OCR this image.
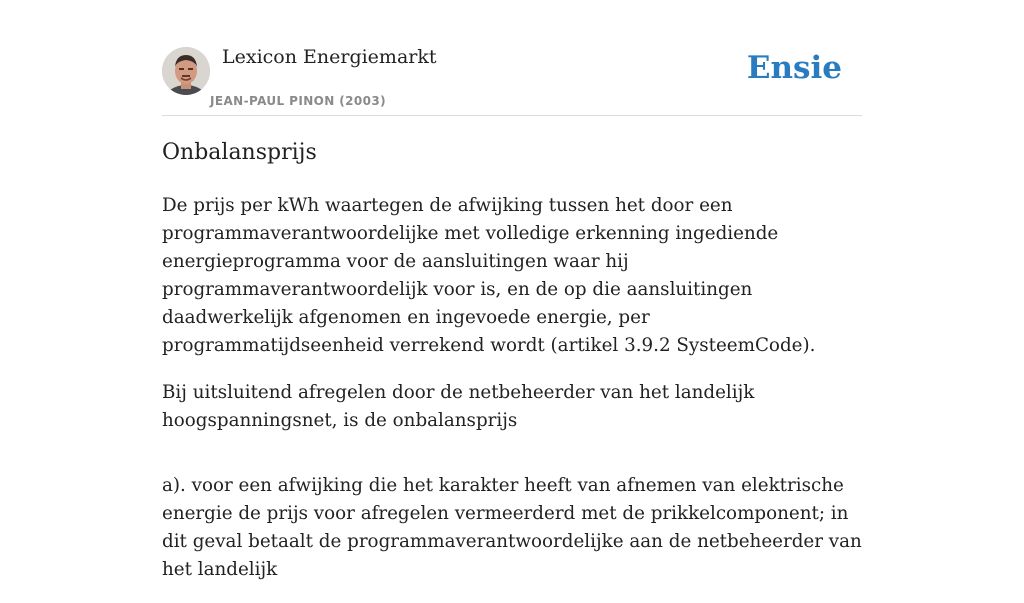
Lexicon Energiemarkt
JEAN-PAUL PINON (2003)
Ensie
Onbalansprijs

De prijs per kWh waartegen de afwijking tussen het door een programmaverantwoordelijke met volledige erkenning ingediende energieprogramma voor de aansluitingen waar hij programmaverantwoordelijk voor is, en de op die aansluitingen daadwerkelijk afgenomen en ingevoede energie, per programmatijdseenheid verrekend wordt (artikel 3.9.2 SysteemCode).

Bij uitsluitend afregelen door de netbeheerder van het landelijk hoogspanningsnet, is de onbalansprijs

a). voor een afwijking die het karakter heeft van afnemen van elektrische energie de prijs voor afregelen vermeerderd met de prikkelcomponent; in dit geval betaalt de programmaverantwoordelijke aan de netbeheerder van het landelijk
